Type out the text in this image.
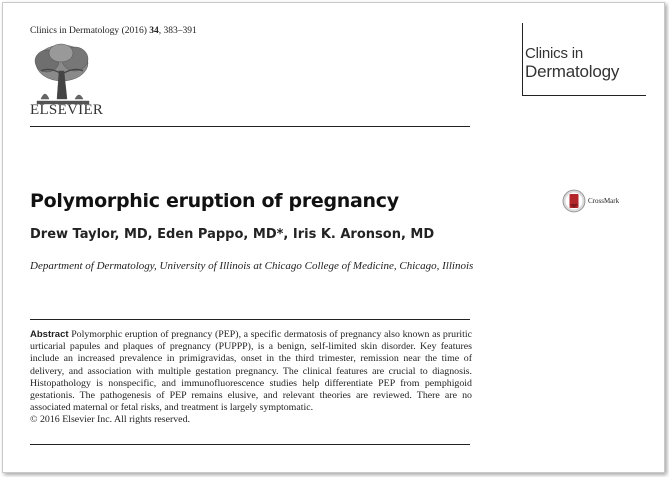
Clinics in Dermatology (2016) 34, 383–391
ELSEVIER
Clinics in
Dermatology
Polymorphic eruption of pregnancy	CrossMark
Drew Taylor, MD, Eden Pappo, MD*, Iris K. Aronson, MD
Department of Dermatology, University of Illinois at Chicago College of Medicine, Chicago, Illinois
Abstract Polymorphic eruption of pregnancy (PEP), a specific dermatosis of pregnancy also known as pruritic urticarial papules and plaques of pregnancy (PUPPP), is a benign, self-limited skin disorder. Key features include an increased prevalence in primigravidas, onset in the third trimester, remission near the time of delivery, and association with multiple gestation pregnancy. The clinical features are crucial to diagnosis. Histopathology is nonspecific, and immunofluorescence studies help differentiate PEP from pemphigoid gestationis. The pathogenesis of PEP remains elusive, and relevant theories are reviewed. There are no associated maternal or fetal risks, and treatment is largely symptomatic.
© 2016 Elsevier Inc. All rights reserved.
